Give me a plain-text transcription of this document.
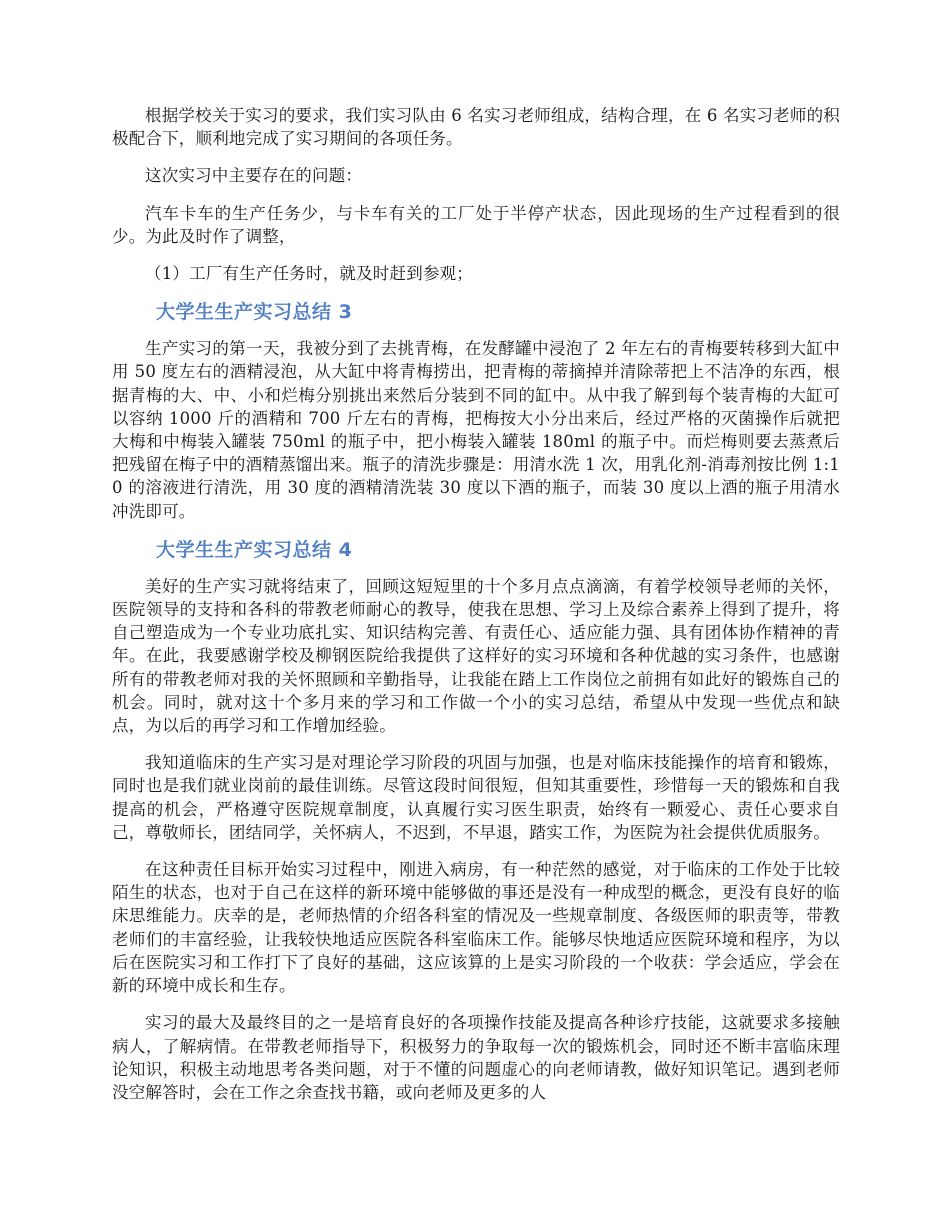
根据学校关于实习的要求，我们实习队由 6 名实习老师组成，结构合理，在 6 名实习老师的积极配合下，顺利地完成了实习期间的各项任务。

这次实习中主要存在的问题：

汽车卡车的生产任务少，与卡车有关的工厂处于半停产状态，因此现场的生产过程看到的很少。为此及时作了调整，

（1）工厂有生产任务时，就及时赶到参观；

大学生生产实习总结 3

生产实习的第一天，我被分到了去挑青梅，在发酵罐中浸泡了 2 年左右的青梅要转移到大缸中用 50 度左右的酒精浸泡，从大缸中将青梅捞出，把青梅的蒂摘掉并清除蒂把上不洁净的东西，根据青梅的大、中、小和烂梅分别挑出来然后分装到不同的缸中。从中我了解到每个装青梅的大缸可以容纳 1000 斤的酒精和 700 斤左右的青梅，把梅按大小分出来后，经过严格的灭菌操作后就把大梅和中梅装入罐装 750ml 的瓶子中，把小梅装入罐装 180ml 的瓶子中。而烂梅则要去蒸煮后把残留在梅子中的酒精蒸馏出来。瓶子的清洗步骤是：用清水洗 1 次，用乳化剂-消毒剂按比例 1:10 的溶液进行清洗，用 30 度的酒精清洗装 30 度以下酒的瓶子，而装 30 度以上酒的瓶子用清水冲洗即可。

大学生生产实习总结 4

美好的生产实习就将结束了，回顾这短短里的十个多月点点滴滴，有着学校领导老师的关怀，医院领导的支持和各科的带教老师耐心的教导，使我在思想、学习上及综合素养上得到了提升，将自己塑造成为一个专业功底扎实、知识结构完善、有责任心、适应能力强、具有团体协作精神的青年。在此，我要感谢学校及柳钢医院给我提供了这样好的实习环境和各种优越的实习条件，也感谢所有的带教老师对我的关怀照顾和辛勤指导，让我能在踏上工作岗位之前拥有如此好的锻炼自己的机会。同时，就对这十个多月来的学习和工作做一个小的实习总结，希望从中发现一些优点和缺点，为以后的再学习和工作增加经验。

我知道临床的生产实习是对理论学习阶段的巩固与加强，也是对临床技能操作的培育和锻炼，同时也是我们就业岗前的最佳训练。尽管这段时间很短，但知其重要性，珍惜每一天的锻炼和自我提高的机会，严格遵守医院规章制度，认真履行实习医生职责，始终有一颗爱心、责任心要求自己，尊敬师长，团结同学，关怀病人，不迟到，不早退，踏实工作，为医院为社会提供优质服务。

在这种责任目标开始实习过程中，刚进入病房，有一种茫然的感觉，对于临床的工作处于比较陌生的状态，也对于自己在这样的新环境中能够做的事还是没有一种成型的概念，更没有良好的临床思维能力。庆幸的是，老师热情的介绍各科室的情况及一些规章制度、各级医师的职责等，带教老师们的丰富经验，让我较快地适应医院各科室临床工作。能够尽快地适应医院环境和程序，为以后在医院实习和工作打下了良好的基础，这应该算的上是实习阶段的一个收获：学会适应，学会在新的环境中成长和生存。

实习的最大及最终目的之一是培育良好的各项操作技能及提高各种诊疗技能，这就要求多接触病人，了解病情。在带教老师指导下，积极努力的争取每一次的锻炼机会，同时还不断丰富临床理论知识，积极主动地思考各类问题，对于不懂的问题虚心的向老师请教，做好知识笔记。遇到老师没空解答时，会在工作之余查找书籍，或向老师及更多的人
